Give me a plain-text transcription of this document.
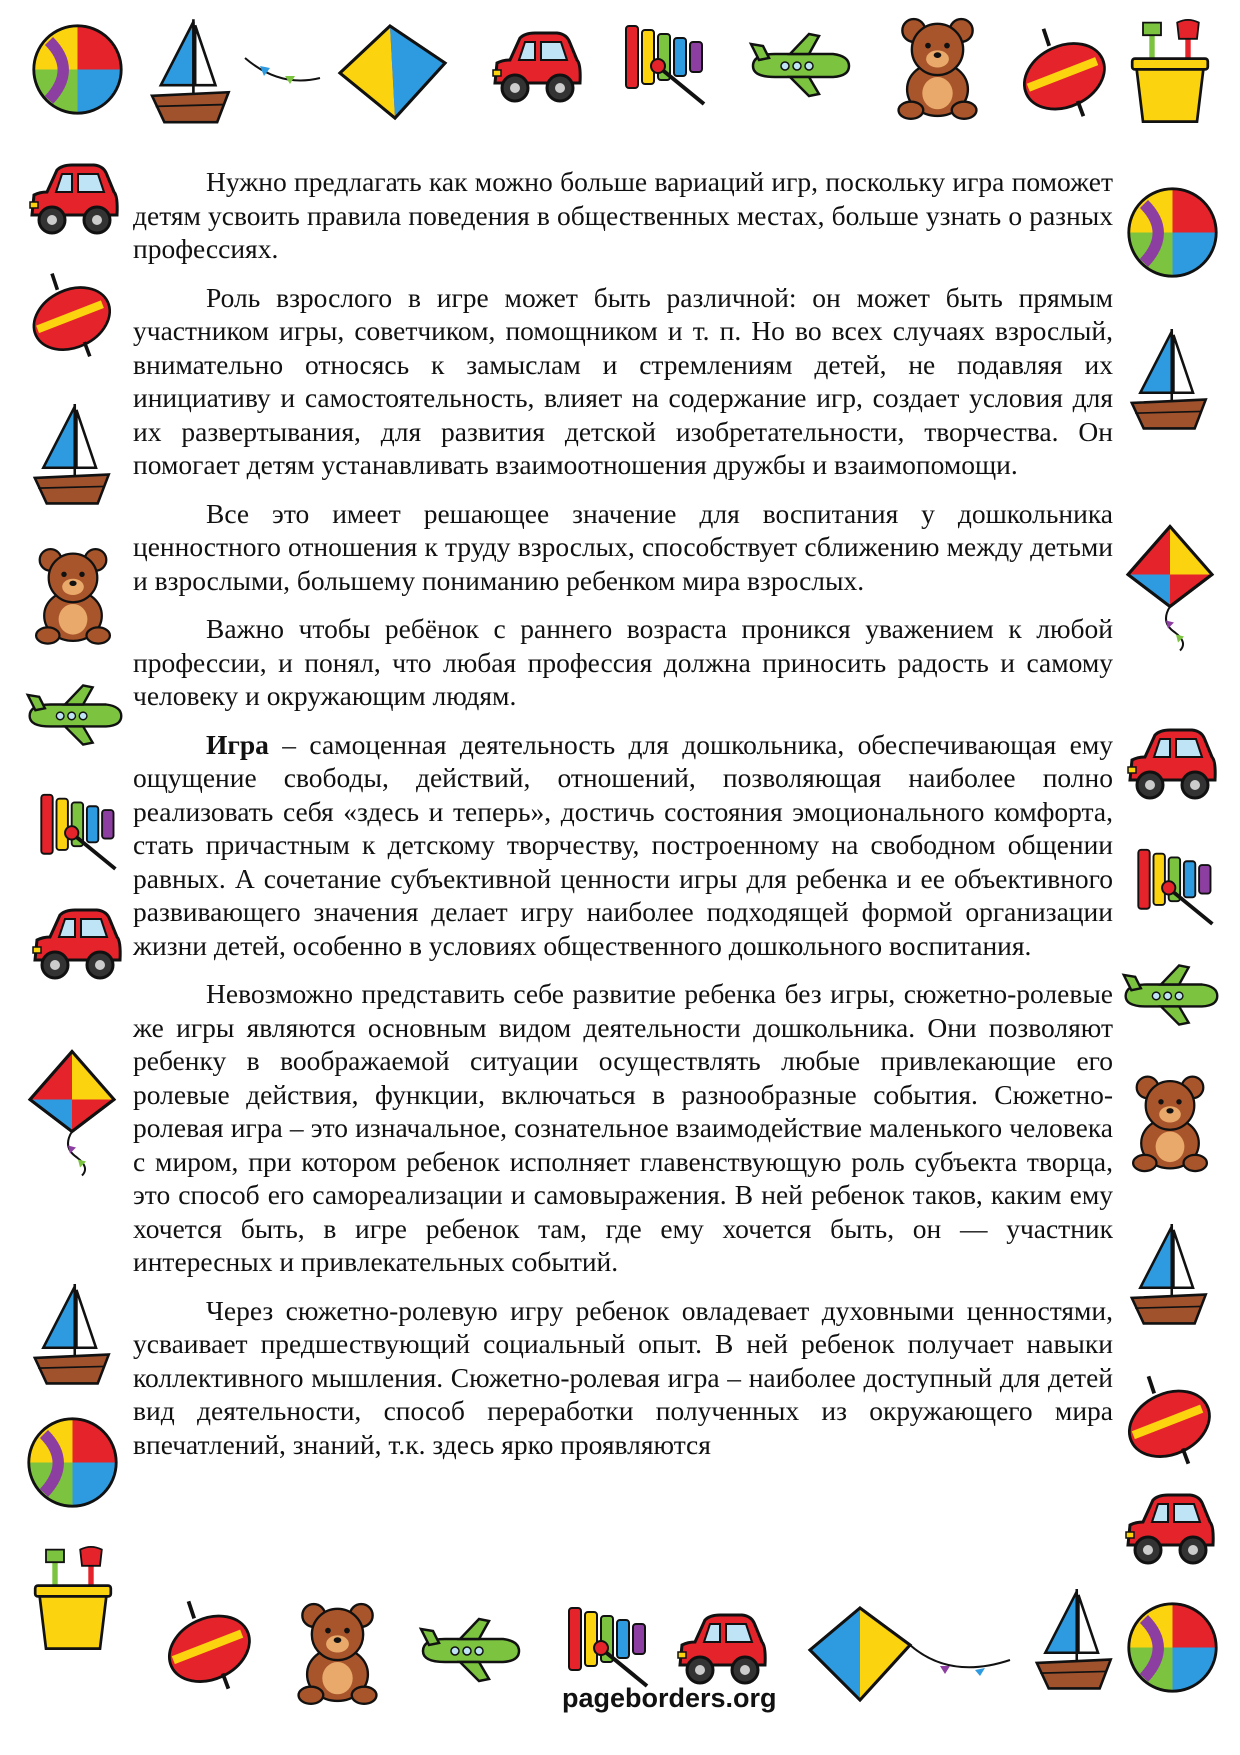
Нужно предлагать как можно больше вариаций игр, поскольку игра поможет детям усвоить правила поведения в общественных местах, больше узнать о разных профессиях.

Роль взрослого в игре может быть различной: он может быть прямым участником игры, советчиком, помощником и т. п. Но во всех случаях взрослый, внимательно относясь к замыслам и стремлениям детей, не подавляя их инициативу и самостоятельность, влияет на содержание игр, создает условия для их развертывания, для развития детской изобретательности, творчества. Он помогает детям устанавливать взаимоотношения дружбы и взаимопомощи.

Все это имеет решающее значение для воспитания у дошкольника ценностного отношения к труду взрослых, способствует сближению между детьми и взрослыми, большему пониманию ребенком мира взрослых.

Важно чтобы ребёнок с раннего возраста проникся уважением к любой профессии, и понял, что любая профессия должна приносить радость и самому человеку и окружающим людям.

Игра – самоценная деятельность для дошкольника, обеспечивающая ему ощущение свободы, действий, отношений, позволяющая наиболее полно реализовать себя «здесь и теперь», достичь состояния эмоционального комфорта, стать причастным к детскому творчеству, построенному на свободном общении равных. А сочетание субъективной ценности игры для ребенка и ее объективного развивающего значения делает игру наиболее подходящей формой организации жизни детей, особенно в условиях общественного дошкольного воспитания.

Невозможно представить себе развитие ребенка без игры, сюжетно-ролевые же игры являются основным видом деятельности дошкольника. Они позволяют ребенку в воображаемой ситуации осуществлять любые привлекающие его ролевые действия, функции, включаться в разнообразные события. Сюжетно-ролевая игра – это изначальное, сознательное взаимодействие маленького человека с миром, при котором ребенок исполняет главенствующую роль субъекта творца, это способ его самореализации и самовыражения. В ней ребенок таков, каким ему хочется быть, в игре ребенок там, где ему хочется быть, он — участник интересных и привлекательных событий.

Через сюжетно-ролевую игру ребенок овладевает духовными ценностями, усваивает предшествующий социальный опыт. В ней ребенок получает навыки коллективного мышления. Сюжетно-ролевая игра – наиболее доступный для детей вид деятельности, способ переработки полученных из окружающего мира впечатлений, знаний, т.к. здесь ярко проявляются

pageborders.org
